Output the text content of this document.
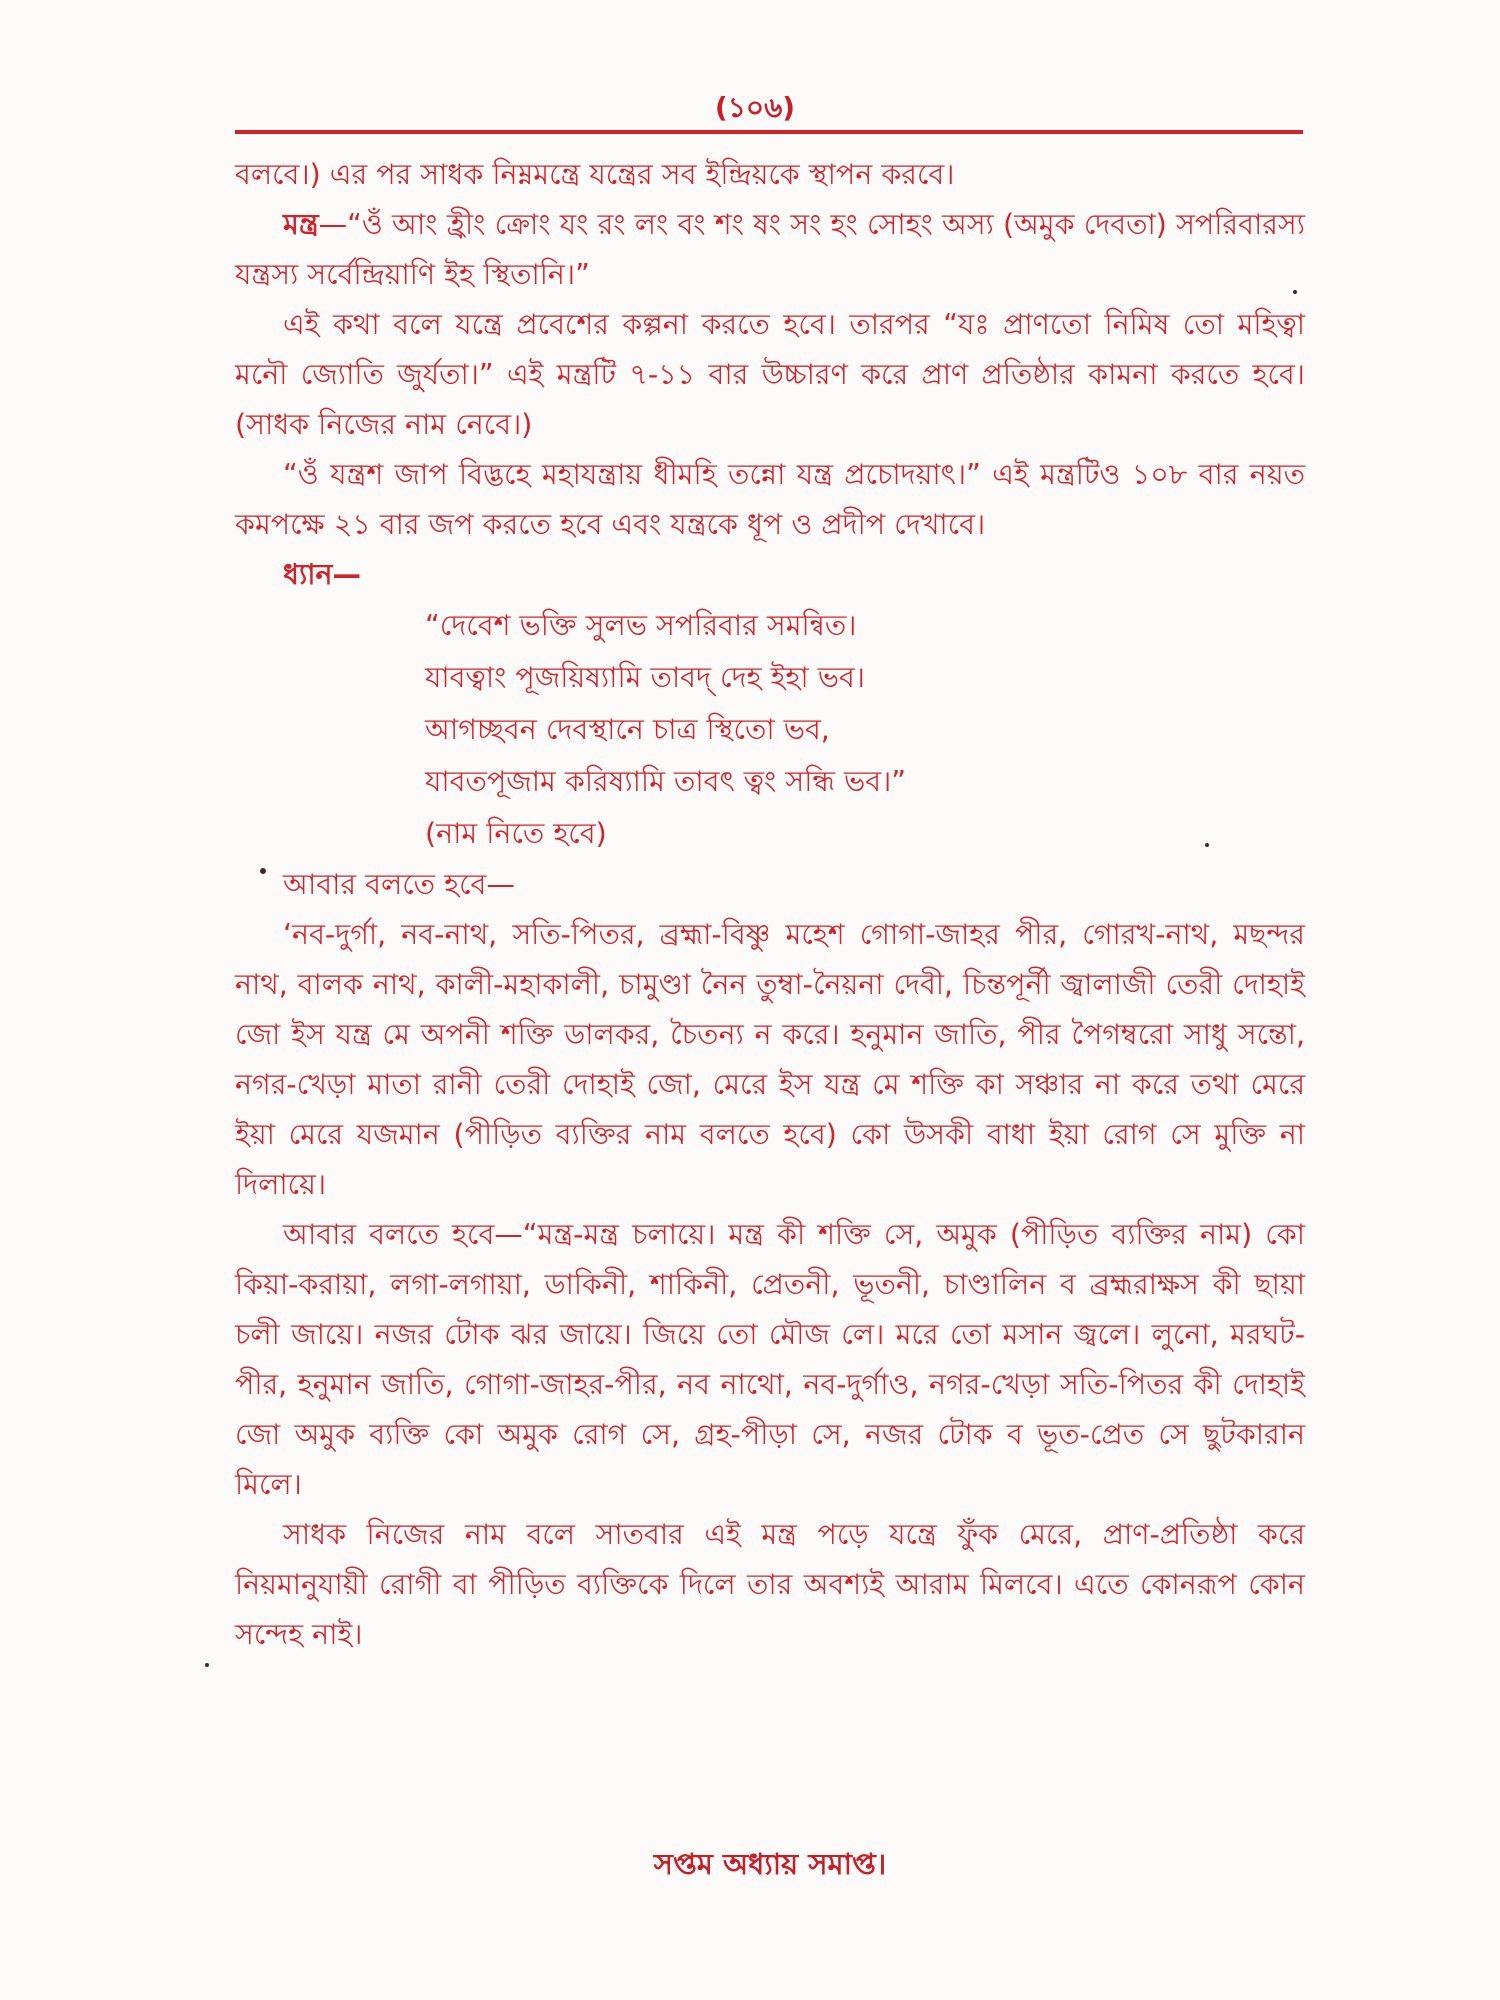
(১০৬)

বলবে।) এর পর সাধক নিম্নমন্ত্রে যন্ত্রের সব ইন্দ্রিয়কে স্থাপন করবে।

মন্ত্র—“ওঁ আং হ্রীং ক্রোং যং রং লং বং শং ষং সং হং সোহং অস্য (অমুক দেবতা) সপরিবারস্য যন্ত্রস্য সর্বেন্দ্রিয়াণি ইহ স্থিতানি।”

এই কথা বলে যন্ত্রে প্রবেশের কল্পনা করতে হবে। তারপর “যঃ প্রাণতো নিমিষ তো মহিত্বা মনৌ জ্যোতি জুর্যতা।” এই মন্ত্রটি ৭-১১ বার উচ্চারণ করে প্রাণ প্রতিষ্ঠার কামনা করতে হবে। (সাধক নিজের নাম নেবে।)

“ওঁ যন্ত্রশ জাপ বিদ্ভহে মহাযন্ত্রায় ধীমহি তন্নো যন্ত্র প্রচোদয়াৎ।” এই মন্ত্রটিও ১০৮ বার নয়ত কমপক্ষে ২১ বার জপ করতে হবে এবং যন্ত্রকে ধূপ ও প্রদীপ দেখাবে।

ধ্যান—
“দেবেশ ভক্তি সুলভ সপরিবার সমন্বিত।
যাবত্বাং পূজয়িষ্যামি তাবদ্ দেহ ইহা ভব।
আগচ্ছবন দেবস্থানে চাত্র স্থিতো ভব,
যাবতপূজাম করিষ্যামি তাবৎ ত্বং সন্ধি ভব।”
(নাম নিতে হবে)

আবার বলতে হবে—

‘নব-দুর্গা, নব-নাথ, সতি-পিতর, ব্রহ্মা-বিষ্ণু মহেশ গোগা-জাহর পীর, গোরখ-নাথ, মছন্দর নাথ, বালক নাথ, কালী-মহাকালী, চামুণ্ডা নৈন তুম্বা-নৈয়না দেবী, চিন্তপূর্নী জ্বালাজী তেরী দোহাই জো ইস যন্ত্র মে অপনী শক্তি ডালকর, চৈতন্য ন করে। হনুমান জাতি, পীর পৈগম্বরো সাধু সন্তো, নগর-খেড়া মাতা রানী তেরী দোহাই জো, মেরে ইস যন্ত্র মে শক্তি কা সঞ্চার না করে তথা মেরে ইয়া মেরে যজমান (পীড়িত ব্যক্তির নাম বলতে হবে) কো উসকী বাধা ইয়া রোগ সে মুক্তি না দিলায়ে।

আবার বলতে হবে—“মন্ত্র-মন্ত্র চলায়ে। মন্ত্র কী শক্তি সে, অমুক (পীড়িত ব্যক্তির নাম) কো কিয়া-করায়া, লগা-লগায়া, ডাকিনী, শাকিনী, প্রেতনী, ভূতনী, চাণ্ডালিন ব ব্রহ্মরাক্ষস কী ছায়া চলী জায়ে। নজর টোক ঝর জায়ে। জিয়ে তো মৌজ লে। মরে তো মসান জ্বলে। লুনো, মরঘট-পীর, হনুমান জাতি, গোগা-জাহর-পীর, নব নাথো, নব-দুর্গাও, নগর-খেড়া সতি-পিতর কী দোহাই জো অমুক ব্যক্তি কো অমুক রোগ সে, গ্রহ-পীড়া সে, নজর টোক ব ভূত-প্রেত সে ছুটকারান মিলে।

সাধক নিজের নাম বলে সাতবার এই মন্ত্র পড়ে যন্ত্রে ফুঁক মেরে, প্রাণ-প্রতিষ্ঠা করে নিয়মানুযায়ী রোগী বা পীড়িত ব্যক্তিকে দিলে তার অবশ্যই আরাম মিলবে। এতে কোনরূপ কোন সন্দেহ নাই।

সপ্তম অধ্যায় সমাপ্ত।
